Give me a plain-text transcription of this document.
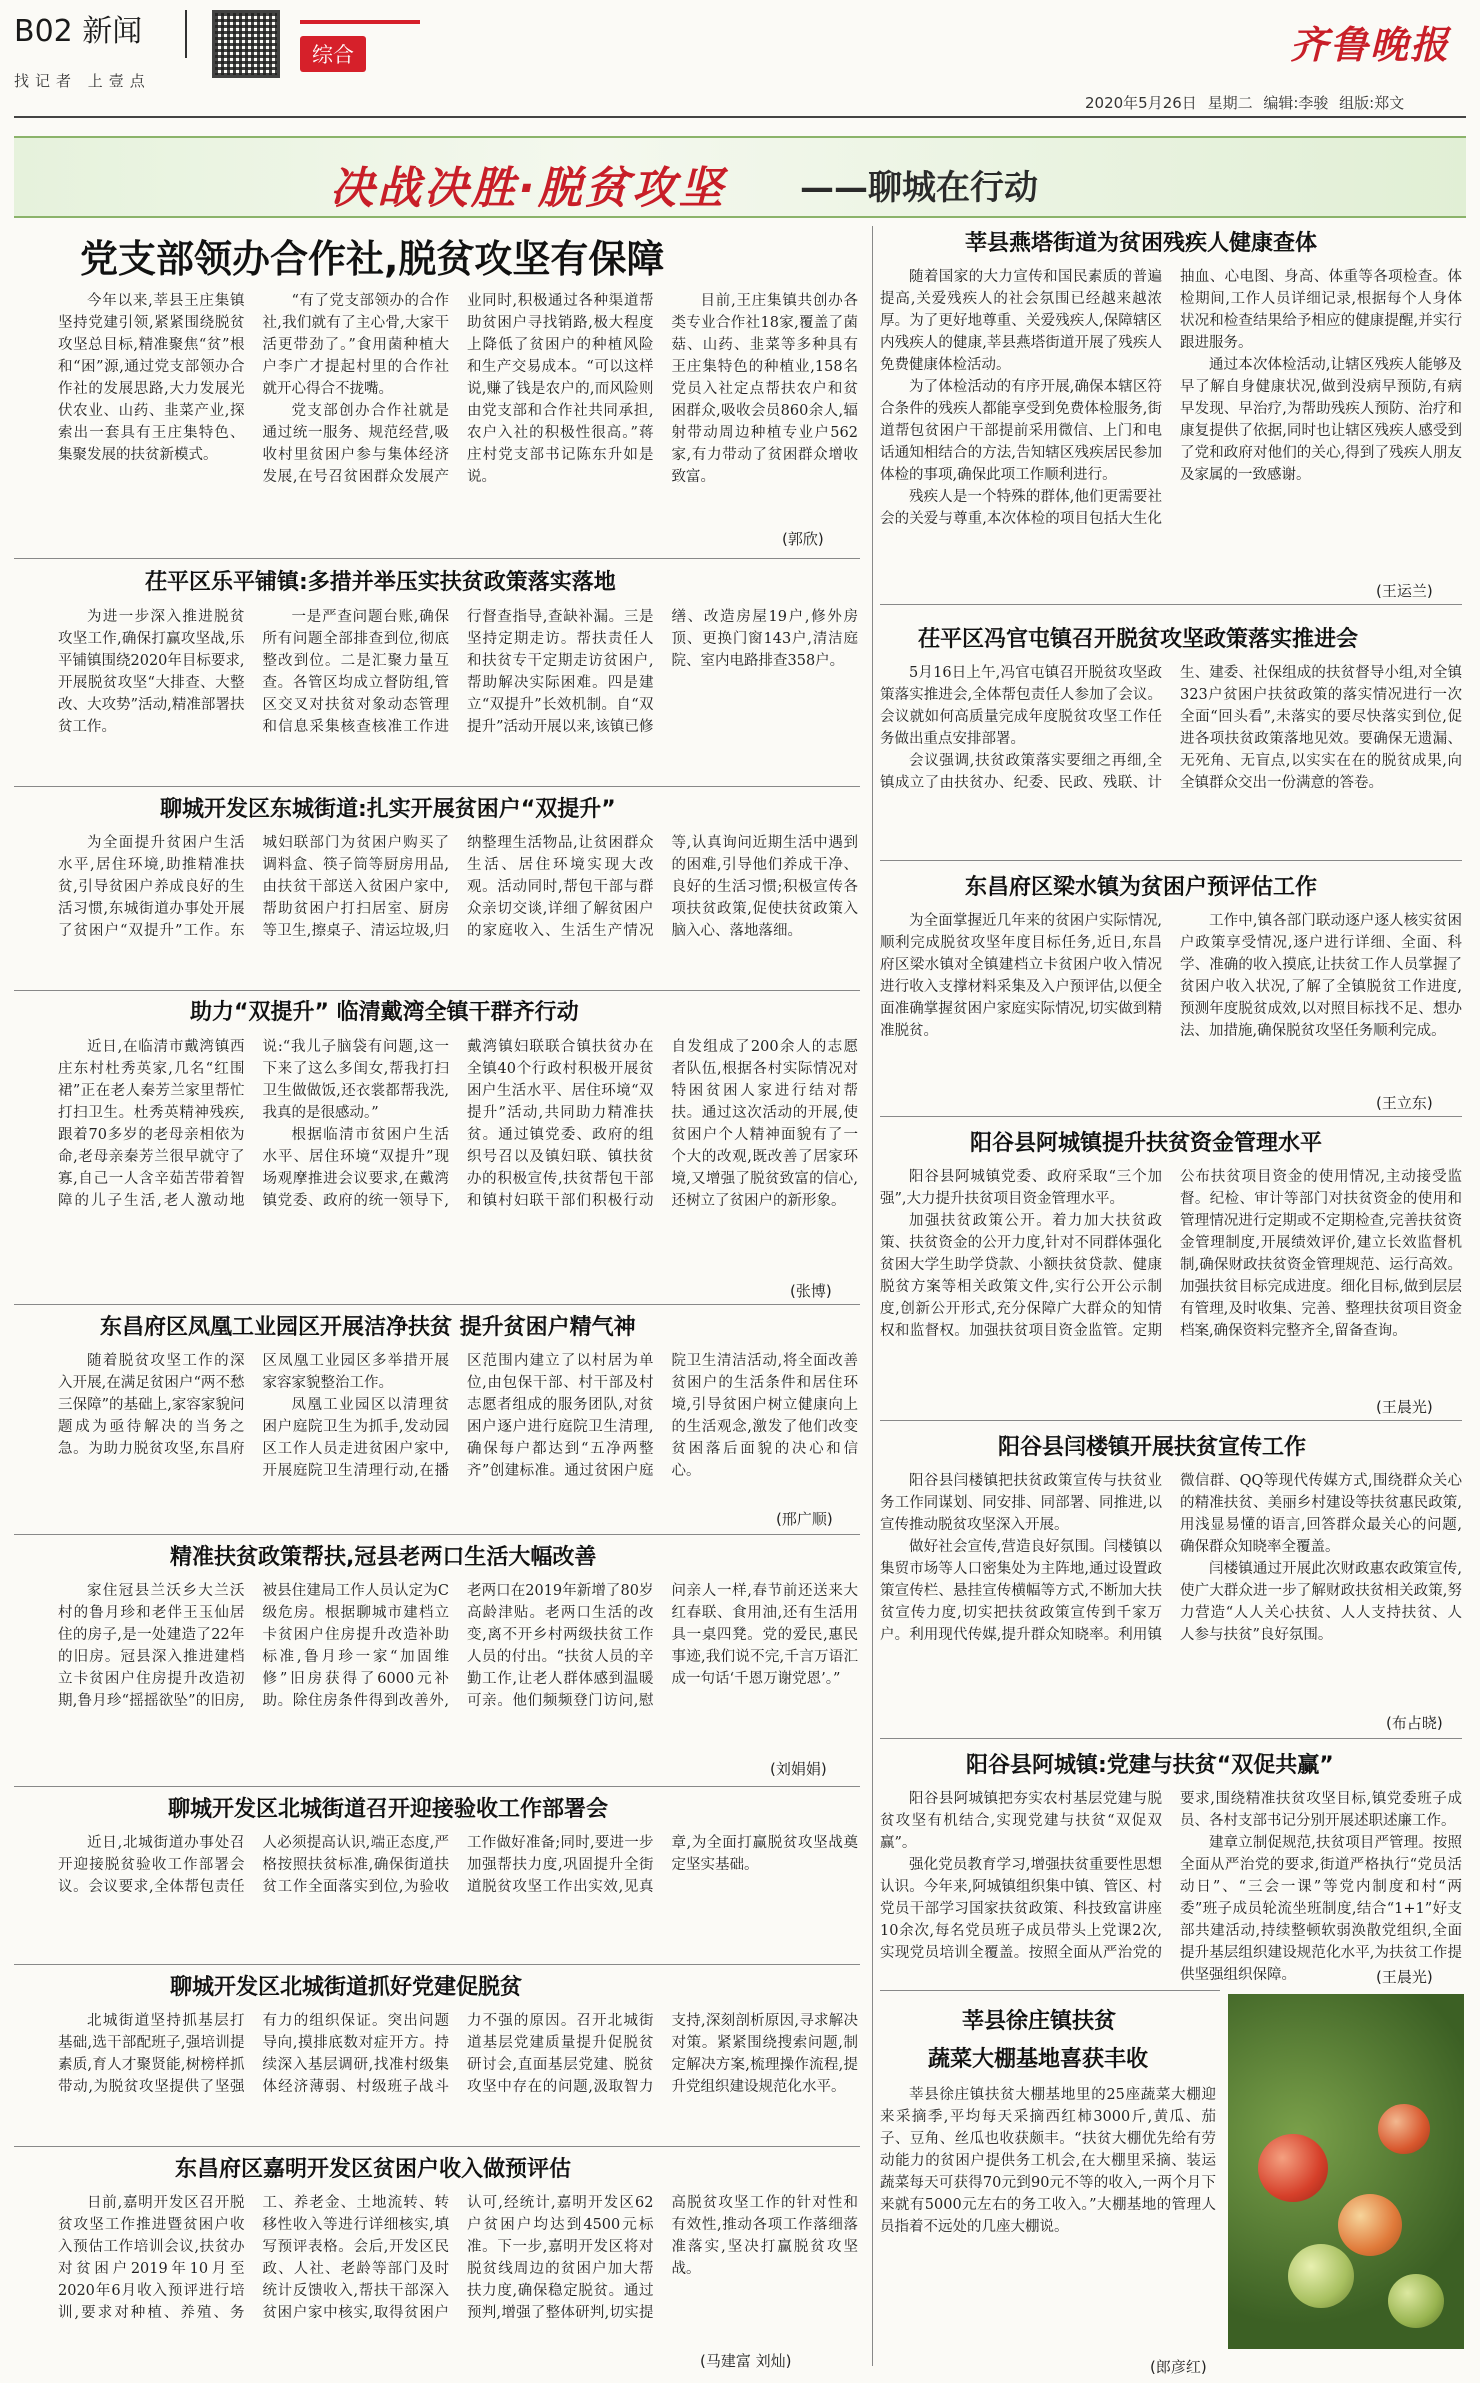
B02 新闻
综合
找记者 上壹点
齐鲁晚报
2020年5月26日 星期二 编辑:李骏 组版:郑文
决战决胜·脱贫攻坚 ——聊城在行动
党支部领办合作社,脱贫攻坚有保障

今年以来,莘县王庄集镇坚持党建引领,紧紧围绕脱贫攻坚总目标,精准聚焦“贫”根和“困”源,通过党支部领办合作社的发展思路,大力发展光伏农业、山药、韭菜产业,探索出一套具有王庄集特色、集聚发展的扶贫新模式。

“有了党支部领办的合作社,我们就有了主心骨,大家干活更带劲了。”食用菌种植大户李广才提起村里的合作社就开心得合不拢嘴。

党支部创办合作社就是通过统一服务、规范经营,吸收村里贫困户参与集体经济发展,在号召贫困群众发展产业同时,积极通过各种渠道帮助贫困户寻找销路,极大程度上降低了贫困户的种植风险和生产交易成本。“可以这样说,赚了钱是农户的,而风险则由党支部和合作社共同承担,农户入社的积极性很高。”蒋庄村党支部书记陈东升如是说。

目前,王庄集镇共创办各类专业合作社18家,覆盖了菌菇、山药、韭菜等多种具有王庄集特色的种植业,158名党员入社定点帮扶农户和贫困群众,吸收会员860余人,辐射带动周边种植专业户562家,有力带动了贫困群众增收致富。

(郭欣)
茌平区乐平铺镇:多措并举压实扶贫政策落实落地

为进一步深入推进脱贫攻坚工作,确保打赢攻坚战,乐平铺镇围绕2020年目标要求,开展脱贫攻坚“大排查、大整改、大攻势”活动,精准部署扶贫工作。

一是严查问题台账,确保所有问题全部排查到位,彻底整改到位。二是汇聚力量互查。各管区均成立督防组,管区交叉对扶贫对象动态管理和信息采集核查核准工作进行督查指导,查缺补漏。三是坚持定期走访。帮扶责任人和扶贫专干定期走访贫困户,帮助解决实际困难。四是建立“双提升”长效机制。自“双提升”活动开展以来,该镇已修缮、改造房屋19户,修外房顶、更换门窗143户,清洁庭院、室内电路排查358户。

聊城开发区东城街道:扎实开展贫困户“双提升”

为全面提升贫困户生活水平,居住环境,助推精准扶贫,引导贫困户养成良好的生活习惯,东城街道办事处开展了贫困户“双提升”工作。东城妇联部门为贫困户购买了调料盒、筷子筒等厨房用品,由扶贫干部送入贫困户家中,帮助贫困户打扫居室、厨房等卫生,擦桌子、清运垃圾,归纳整理生活物品,让贫困群众生活、居住环境实现大改观。活动同时,帮包干部与群众亲切交谈,详细了解贫困户的家庭收入、生活生产情况等,认真询问近期生活中遇到的困难,引导他们养成干净、良好的生活习惯;积极宣传各项扶贫政策,促使扶贫政策入脑入心、落地落细。

助力“双提升” 临清戴湾全镇干群齐行动

近日,在临清市戴湾镇西庄东村杜秀英家,几名“红围裙”正在老人秦芳兰家里帮忙打扫卫生。杜秀英精神残疾,跟着70多岁的老母亲相依为命,老母亲秦芳兰很早就守了寡,自己一人含辛茹苦带着智障的儿子生活,老人激动地说:“我儿子脑袋有问题,这一下来了这么多闺女,帮我打扫卫生做做饭,还衣裳都帮我洗,我真的是很感动。”

根据临清市贫困户生活水平、居住环境“双提升”现场观摩推进会议要求,在戴湾镇党委、政府的统一领导下,戴湾镇妇联联合镇扶贫办在全镇40个行政村积极开展贫困户生活水平、居住环境“双提升”活动,共同助力精准扶贫。通过镇党委、政府的组织号召以及镇妇联、镇扶贫办的积极宣传,扶贫帮包干部和镇村妇联干部们积极行动自发组成了200余人的志愿者队伍,根据各村实际情况对特困贫困人家进行结对帮扶。通过这次活动的开展,使贫困户个人精神面貌有了一个大的改观,既改善了居家环境,又增强了脱贫致富的信心,还树立了贫困户的新形象。

(张博)
东昌府区凤凰工业园区开展洁净扶贫 提升贫困户精气神

随着脱贫攻坚工作的深入开展,在满足贫困户“两不愁三保障”的基础上,家容家貌问题成为亟待解决的当务之急。为助力脱贫攻坚,东昌府区凤凰工业园区多举措开展家容家貌整治工作。

凤凰工业园区以清理贫困户庭院卫生为抓手,发动园区工作人员走进贫困户家中,开展庭院卫生清理行动,在播区范围内建立了以村居为单位,由包保干部、村干部及村志愿者组成的服务团队,对贫困户逐户进行庭院卫生清理,确保每户都达到“五净两整齐”创建标准。通过贫困户庭院卫生清洁活动,将全面改善贫困户的生活条件和居住环境,引导贫困户树立健康向上的生活观念,激发了他们改变贫困落后面貌的决心和信心。

(邢广顺)
精准扶贫政策帮扶,冠县老两口生活大幅改善

家住冠县兰沃乡大兰沃村的鲁月珍和老伴王玉仙居住的房子,是一处建造了22年的旧房。冠县深入推进建档立卡贫困户住房提升改造初期,鲁月珍“摇摇欲坠”的旧房,被县住建局工作人员认定为C级危房。根据聊城市建档立卡贫困户住房提升改造补助标准,鲁月珍一家“加固维修”旧房获得了6000元补助。除住房条件得到改善外,老两口在2019年新增了80岁高龄津贴。老两口生活的改变,离不开乡村两级扶贫工作人员的付出。“扶贫人员的辛勤工作,让老人群体感到温暖可亲。他们频频登门访问,慰问亲人一样,春节前还送来大红春联、食用油,还有生活用具一桌四凳。党的爱民,惠民事迹,我们说不完,千言万语汇成一句话‘千恩万谢党恩’。”

(刘娟娟)
聊城开发区北城街道召开迎接验收工作部署会

近日,北城街道办事处召开迎接脱贫验收工作部署会议。会议要求,全体帮包责任人必须提高认识,端正态度,严格按照扶贫标准,确保街道扶贫工作全面落实到位,为验收工作做好准备;同时,要进一步加强帮扶力度,巩固提升全街道脱贫攻坚工作出实效,见真章,为全面打赢脱贫攻坚战奠定坚实基础。

聊城开发区北城街道抓好党建促脱贫

北城街道坚持抓基层打基础,选干部配班子,强培训提素质,育人才聚贤能,树榜样抓带动,为脱贫攻坚提供了坚强有力的组织保证。突出问题导向,摸排底数对症开方。持续深入基层调研,找准村级集体经济薄弱、村级班子战斗力不强的原因。召开北城街道基层党建质量提升促脱贫研讨会,直面基层党建、脱贫攻坚中存在的问题,汲取智力支持,深刻剖析原因,寻求解决对策。紧紧围绕搜索问题,制定解决方案,梳理操作流程,提升党组织建设规范化水平。

东昌府区嘉明开发区贫困户收入做预评估

日前,嘉明开发区召开脱贫攻坚工作推进暨贫困户收入预估工作培训会议,扶贫办对贫困户2019年10月至2020年6月收入预评进行培训,要求对种植、养殖、务工、养老金、土地流转、转移性收入等进行详细核实,填写预评表格。会后,开发区民政、人社、老龄等部门及时统计反馈收入,帮扶干部深入贫困户家中核实,取得贫困户认可,经统计,嘉明开发区62户贫困户均达到4500元标准。下一步,嘉明开发区将对脱贫线周边的贫困户加大帮扶力度,确保稳定脱贫。通过预判,增强了整体研判,切实提高脱贫攻坚工作的针对性和有效性,推动各项工作落细落准落实,坚决打赢脱贫攻坚战。

(马建富 刘灿)
莘县燕塔街道为贫困残疾人健康查体

随着国家的大力宣传和国民素质的普遍提高,关爱残疾人的社会氛围已经越来越浓厚。为了更好地尊重、关爱残疾人,保障辖区内残疾人的健康,莘县燕塔街道开展了残疾人免费健康体检活动。

为了体检活动的有序开展,确保本辖区符合条件的残疾人都能享受到免费体检服务,街道帮包贫困户干部提前采用微信、上门和电话通知相结合的方法,告知辖区残疾居民参加体检的事项,确保此项工作顺利进行。

残疾人是一个特殊的群体,他们更需要社会的关爱与尊重,本次体检的项目包括大生化抽血、心电图、身高、体重等各项检查。体检期间,工作人员详细记录,根据每个人身体状况和检查结果给予相应的健康提醒,并实行跟进服务。

通过本次体检活动,让辖区残疾人能够及早了解自身健康状况,做到没病早预防,有病早发现、早治疗,为帮助残疾人预防、治疗和康复提供了依据,同时也让辖区残疾人感受到了党和政府对他们的关心,得到了残疾人朋友及家属的一致感谢。

(王运兰)
茌平区冯官屯镇召开脱贫攻坚政策落实推进会

5月16日上午,冯官屯镇召开脱贫攻坚政策落实推进会,全体帮包责任人参加了会议。会议就如何高质量完成年度脱贫攻坚工作任务做出重点安排部署。

会议强调,扶贫政策落实要细之再细,全镇成立了由扶贫办、纪委、民政、残联、计生、建委、社保组成的扶贫督导小组,对全镇323户贫困户扶贫政策的落实情况进行一次全面“回头看”,未落实的要尽快落实到位,促进各项扶贫政策落地见效。要确保无遗漏、无死角、无盲点,以实实在在的脱贫成果,向全镇群众交出一份满意的答卷。

东昌府区梁水镇为贫困户预评估工作

为全面掌握近几年来的贫困户实际情况,顺利完成脱贫攻坚年度目标任务,近日,东昌府区梁水镇对全镇建档立卡贫困户收入情况进行收入支撑材料采集及入户预评估,以便全面准确掌握贫困户家庭实际情况,切实做到精准脱贫。

工作中,镇各部门联动逐户逐人核实贫困户政策享受情况,逐户进行详细、全面、科学、准确的收入摸底,让扶贫工作人员掌握了贫困户收入状况,了解了全镇脱贫工作进度,预测年度脱贫成效,以对照目标找不足、想办法、加措施,确保脱贫攻坚任务顺利完成。

(王立东)
阳谷县阿城镇提升扶贫资金管理水平

阳谷县阿城镇党委、政府采取“三个加强”,大力提升扶贫项目资金管理水平。

加强扶贫政策公开。着力加大扶贫政策、扶贫资金的公开力度,针对不同群体强化贫困大学生助学贷款、小额扶贫贷款、健康脱贫方案等相关政策文件,实行公开公示制度,创新公开形式,充分保障广大群众的知情权和监督权。加强扶贫项目资金监管。定期公布扶贫项目资金的使用情况,主动接受监督。纪检、审计等部门对扶贫资金的使用和管理情况进行定期或不定期检查,完善扶贫资金管理制度,开展绩效评价,建立长效监督机制,确保财政扶贫资金管理规范、运行高效。加强扶贫目标完成进度。细化目标,做到层层有管理,及时收集、完善、整理扶贫项目资金档案,确保资料完整齐全,留备查询。

(王晨光)
阳谷县闫楼镇开展扶贫宣传工作

阳谷县闫楼镇把扶贫政策宣传与扶贫业务工作同谋划、同安排、同部署、同推进,以宣传推动脱贫攻坚深入开展。

做好社会宣传,营造良好氛围。闫楼镇以集贸市场等人口密集处为主阵地,通过设置政策宣传栏、悬挂宣传横幅等方式,不断加大扶贫宣传力度,切实把扶贫政策宣传到千家万户。利用现代传媒,提升群众知晓率。利用镇微信群、QQ等现代传媒方式,围绕群众关心的精准扶贫、美丽乡村建设等扶贫惠民政策,用浅显易懂的语言,回答群众最关心的问题,确保群众知晓率全覆盖。

闫楼镇通过开展此次财政惠农政策宣传,使广大群众进一步了解财政扶贫相关政策,努力营造“人人关心扶贫、人人支持扶贫、人人参与扶贫”良好氛围。

(布占晓)
阳谷县阿城镇:党建与扶贫“双促共赢”

阳谷县阿城镇把夯实农村基层党建与脱贫攻坚有机结合,实现党建与扶贫“双促双赢”。

强化党员教育学习,增强扶贫重要性思想认识。今年来,阿城镇组织集中镇、管区、村党员干部学习国家扶贫政策、科技致富讲座10余次,每名党员班子成员带头上党课2次,实现党员培训全覆盖。按照全面从严治党的要求,围绕精准扶贫攻坚目标,镇党委班子成员、各村支部书记分别开展述职述廉工作。

建章立制促规范,扶贫项目严管理。按照全面从严治党的要求,街道严格执行“党员活动日”、“三会一课”等党内制度和村“两委”班子成员轮流坐班制度,结合“1+1”好支部共建活动,持续整顿软弱涣散党组织,全面提升基层组织建设规范化水平,为扶贫工作提供坚强组织保障。	(王晨光)
莘县徐庄镇扶贫
蔬菜大棚基地喜获丰收

莘县徐庄镇扶贫大棚基地里的25座蔬菜大棚迎来采摘季,平均每天采摘西红柿3000斤,黄瓜、茄子、豆角、丝瓜也收获颇丰。“扶贫大棚优先给有劳动能力的贫困户提供务工机会,在大棚里采摘、装运蔬菜每天可获得70元到90元不等的收入,一两个月下来就有5000元左右的务工收入。”大棚基地的管理人员指着不远处的几座大棚说。

(郎彦红)
